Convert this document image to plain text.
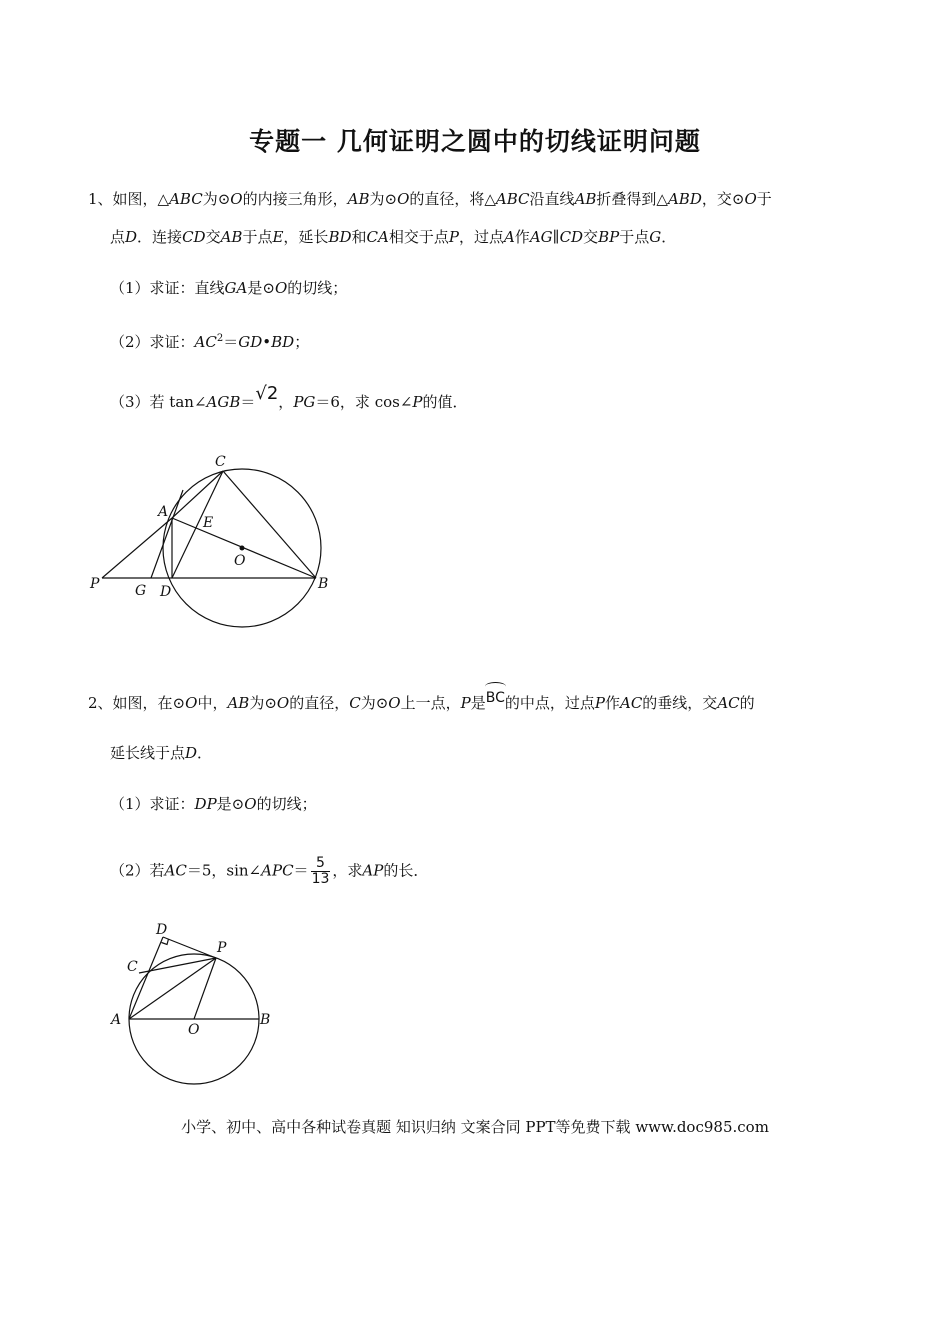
专题一 几何证明之圆中的切线证明问题
1、如图，△ABC为⊙O的内接三角形，AB为⊙O的直径，将△ABC沿直线AB折叠得到△ABD，交⊙O于
点D．连接CD交AB于点E，延长BD和CA相交于点P，过点A作AG∥CD交BP于点G．
（1）求证：直线GA是⊙O的切线；
（2）求证：$AC^2=GD•BD$；
（3）若 tan∠AGB＝√2，PG＝6，求 cos∠P的值．
C
A
E
O
P	G D	B
2、如图，在⊙O中，AB为⊙O的直径，C为⊙O上一点，P是BC的中点，过点P作AC的垂线，交AC的
延长线于点D．
（1）求证：DP是⊙O的切线；
（2）若AC＝5，sin∠APC＝ $\frac{5}{13}$ ，求AP的长．
D
P
C
A
O
B
小学、初中、高中各种试卷真题 知识归纳 文案合同 PPT等免费下载 www.doc985.com
